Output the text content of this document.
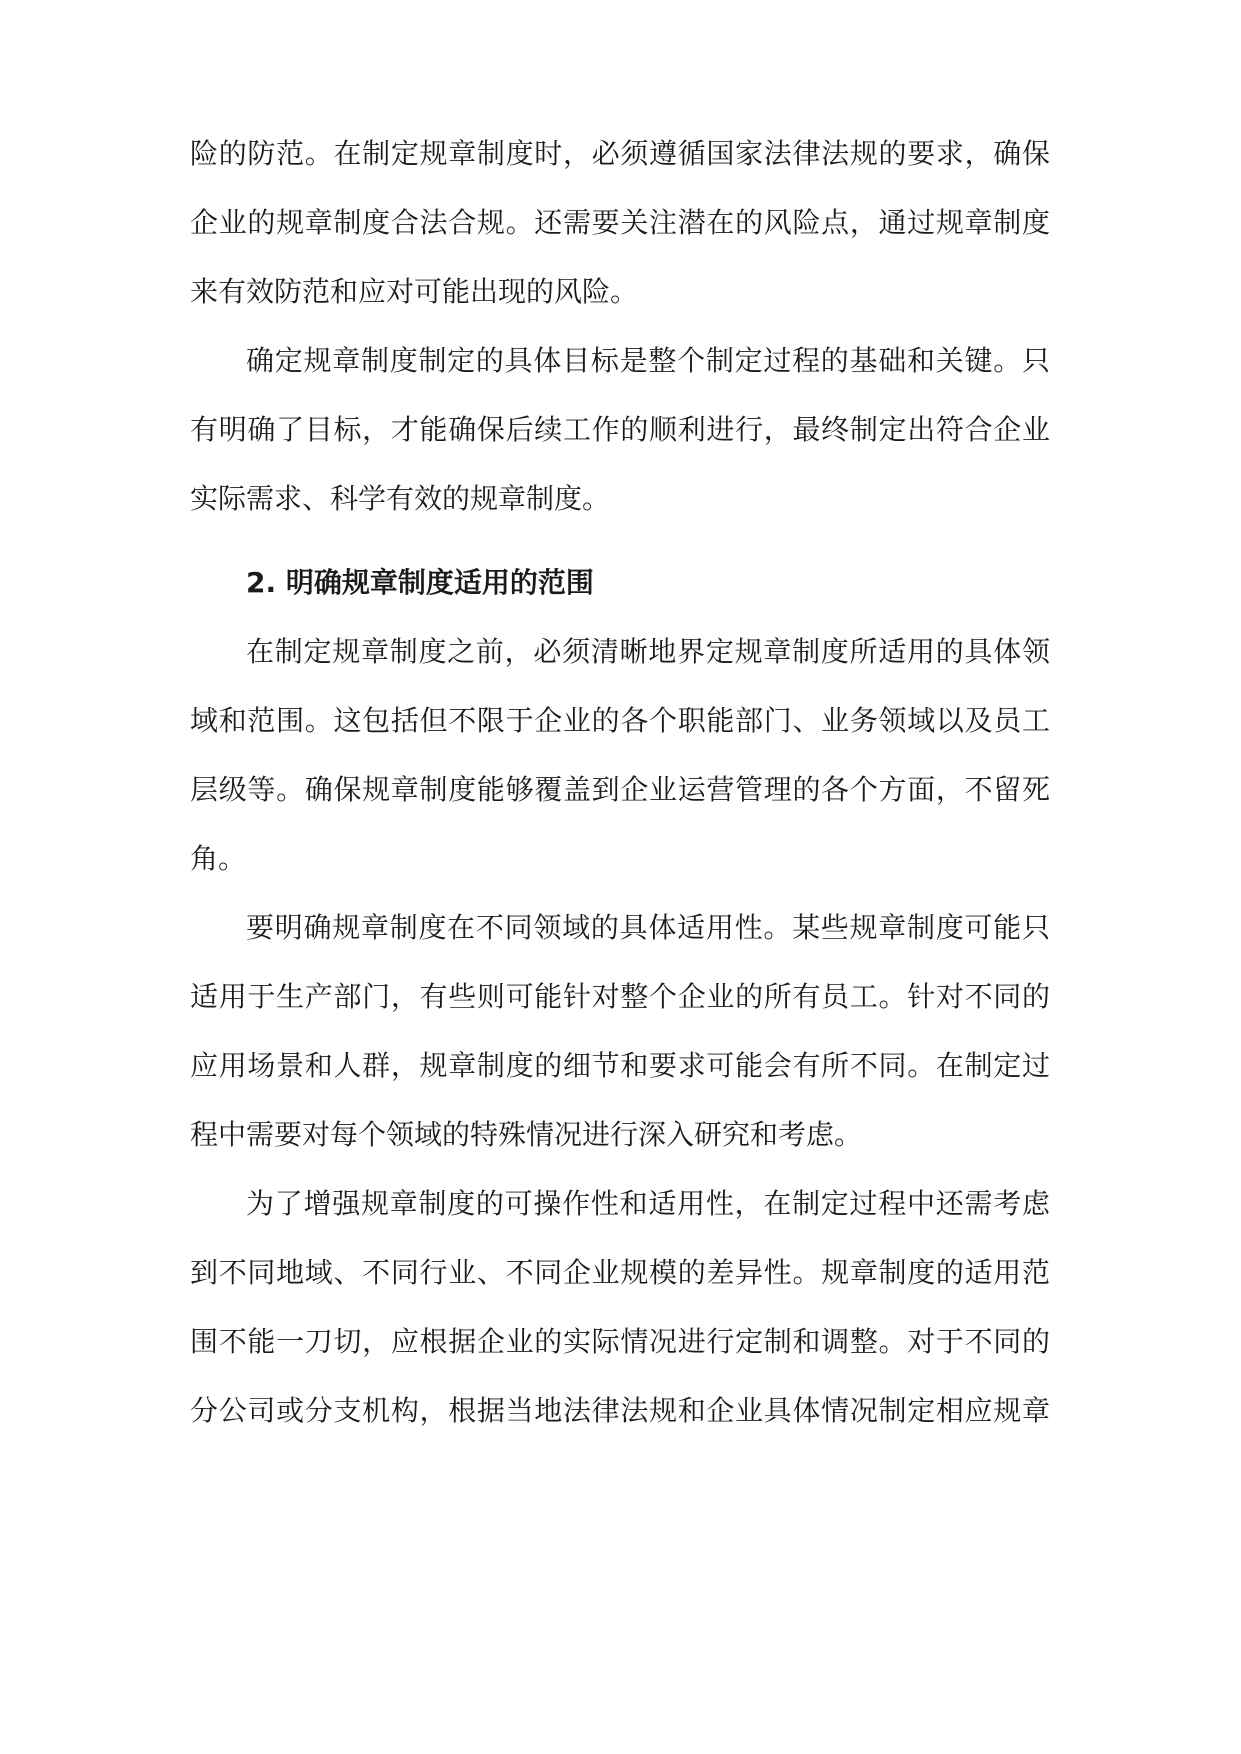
险的防范。在制定规章制度时，必须遵循国家法律法规的要求，确保
企业的规章制度合法合规。还需要关注潜在的风险点，通过规章制度
来有效防范和应对可能出现的风险。
确定规章制度制定的具体目标是整个制定过程的基础和关键。只
有明确了目标，才能确保后续工作的顺利进行，最终制定出符合企业
实际需求、科学有效的规章制度。
2. 明确规章制度适用的范围
在制定规章制度之前，必须清晰地界定规章制度所适用的具体领
域和范围。这包括但不限于企业的各个职能部门、业务领域以及员工
层级等。确保规章制度能够覆盖到企业运营管理的各个方面，不留死
角。
要明确规章制度在不同领域的具体适用性。某些规章制度可能只
适用于生产部门，有些则可能针对整个企业的所有员工。针对不同的
应用场景和人群，规章制度的细节和要求可能会有所不同。在制定过
程中需要对每个领域的特殊情况进行深入研究和考虑。
为了增强规章制度的可操作性和适用性，在制定过程中还需考虑
到不同地域、不同行业、不同企业规模的差异性。规章制度的适用范
围不能一刀切，应根据企业的实际情况进行定制和调整。对于不同的
分公司或分支机构，根据当地法律法规和企业具体情况制定相应规章
